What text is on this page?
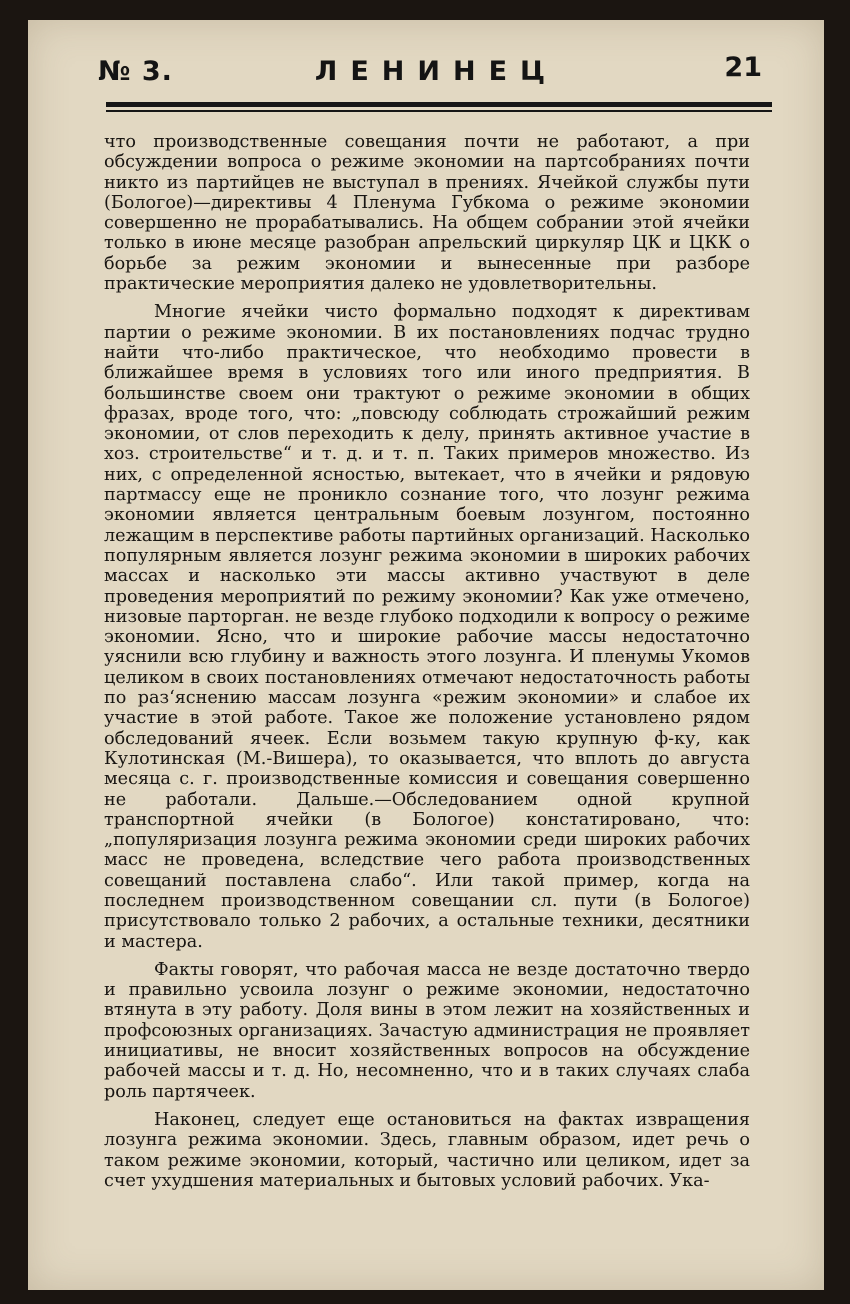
№ 3.	ЛЕНИНЕЦ	21

что производственные совещания почти не работают, а при обсуждении вопроса о режиме экономии на партсобраниях почти никто из партийцев не выступал в прениях. Ячейкой службы пути (Бологое)—директивы 4 Пленума Губкома о режиме экономии совершенно не прорабатывались. На общем собрании этой ячейки только в июне месяце разобран апрельский циркуляр ЦК и ЦКК о борьбе за режим экономии и вынесенные при разборе практические мероприятия далеко не удовлетворительны.

Многие ячейки чисто формально подходят к директивам партии о режиме экономии. В их постановлениях подчас трудно найти что-либо практическое, что необходимо провести в ближайшее время в условиях того или иного предприятия. В большинстве своем они трактуют о режиме экономии в общих фразах, вроде того, что: „повсюду соблюдать строжайший режим экономии, от слов переходить к делу, принять активное участие в хоз. строительстве“ и т. д. и т. п. Таких примеров множество. Из них, с определенной ясностью, вытекает, что в ячейки и рядовую партмассу еще не проникло сознание того, что лозунг режима экономии является центральным боевым лозунгом, постоянно лежащим в перспективе работы партийных организаций. Насколько популярным является лозунг режима экономии в широких рабочих массах и насколько эти массы активно участвуют в деле проведения мероприятий по режиму экономии? Как уже отмечено, низовые парторган. не везде глубоко подходили к вопросу о режиме экономии. Ясно, что и широкие рабочие массы недостаточно уяснили всю глубину и важность этого лозунга. И пленумы Укомов целиком в своих постановлениях отмечают недостаточность работы по раз‘яснению массам лозунга «режим экономии» и слабое их участие в этой работе. Такое же положение установлено рядом обследований ячеек. Если возьмем такую крупную ф-ку, как Кулотинская (М.-Вишера), то оказывается, что вплоть до августа месяца с. г. производственные комиссия и совещания совершенно не работали. Дальше.—Обследованием одной крупной транспортной ячейки (в Бологое) констатировано, что: „популяризация лозунга режима экономии среди широких рабочих масс не проведена, вследствие чего работа производственных совещаний поставлена слабо“. Или такой пример, когда на последнем производственном совещании сл. пути (в Бологое) присутствовало только 2 рабочих, а остальные техники, десятники и мастера.

Факты говорят, что рабочая масса не везде достаточно твердо и правильно усвоила лозунг о режиме экономии, недостаточно втянута в эту работу. Доля вины в этом лежит на хозяйственных и профсоюзных организациях. Зачастую администрация не проявляет инициативы, не вносит хозяйственных вопросов на обсуждение рабочей массы и т. д. Но, несомненно, что и в таких случаях слаба роль партячеек.

Наконец, следует еще остановиться на фактах извращения лозунга режима экономии. Здесь, главным образом, идет речь о таком режиме экономии, который, частично или целиком, идет за счет ухудшения материальных и бытовых условий рабочих. Ука-
